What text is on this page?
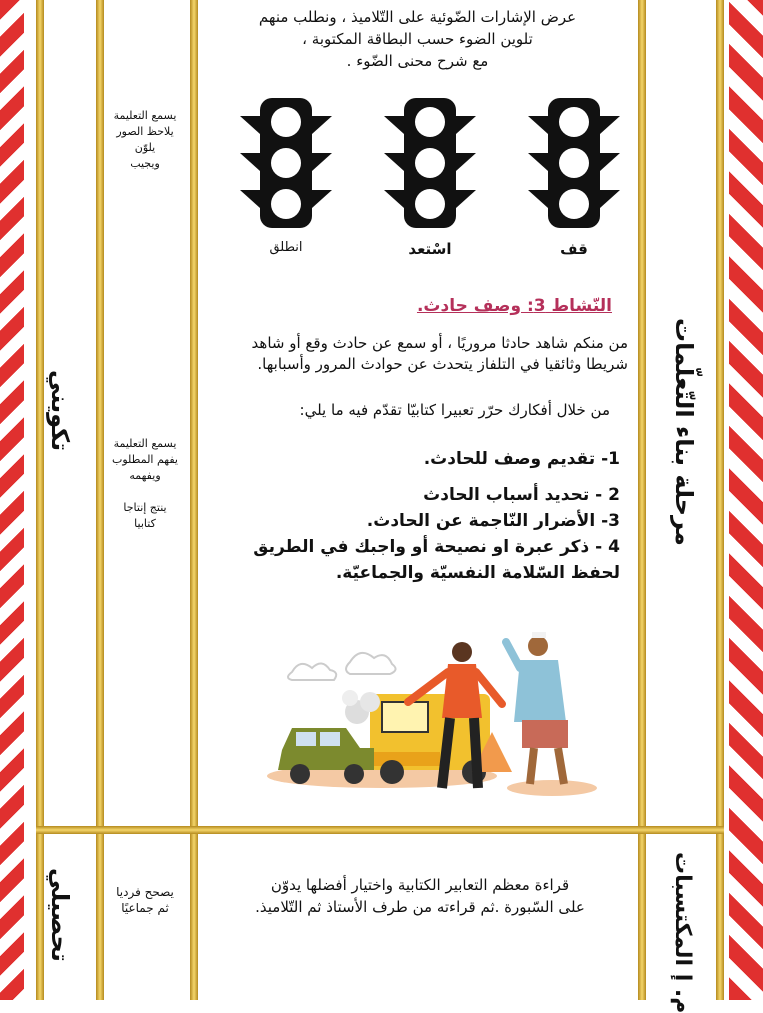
تكويني
تحصيلي
مرحلة بناء التّعلّمات
م. إ المكتسبات
يسمع التعليمة
يلاحظ الصور
يلوّن
ويجيب
يسمع التعليمة
يفهم المطلوب
ويفهمه
ينتج إنتاجا
كتابيا
يصحح فرديا
ثم جماعيًا
عرض الإشارات الضّوئية على التّلاميذ ، ونطلب منهم
تلوين الضوء حسب البطاقة المكتوبة ،
مع شرح محنى الضّوء .
قف
اسْتعد
انطلق
النّشاط 3: وصف حادث.
من منكم شاهد حادثا مروريًا ، أو سمع عن حادث وقع أو شاهد شريطا وثائقيا في التلفاز يتحدث عن حوادث المرور وأسبابها.
من خلال أفكارك حرّر تعبيرا كتابيّا تقدّم فيه ما يلي:
1- تقديم وصف للحادث.
2 - تحديد أسباب الحادث
3- الأضرار النّاجمة عن الحادث.
4 - ذكر عبرة او نصيحة أو واجبك في الطريق لحفظ السّلامة النفسيّة والجماعيّة.
قراءة معظم التعابير الكتابية واختيار أفضلها يدوّن
على السّبورة .ثم قراءته من طرف الأستاذ ثم التّلاميذ.
